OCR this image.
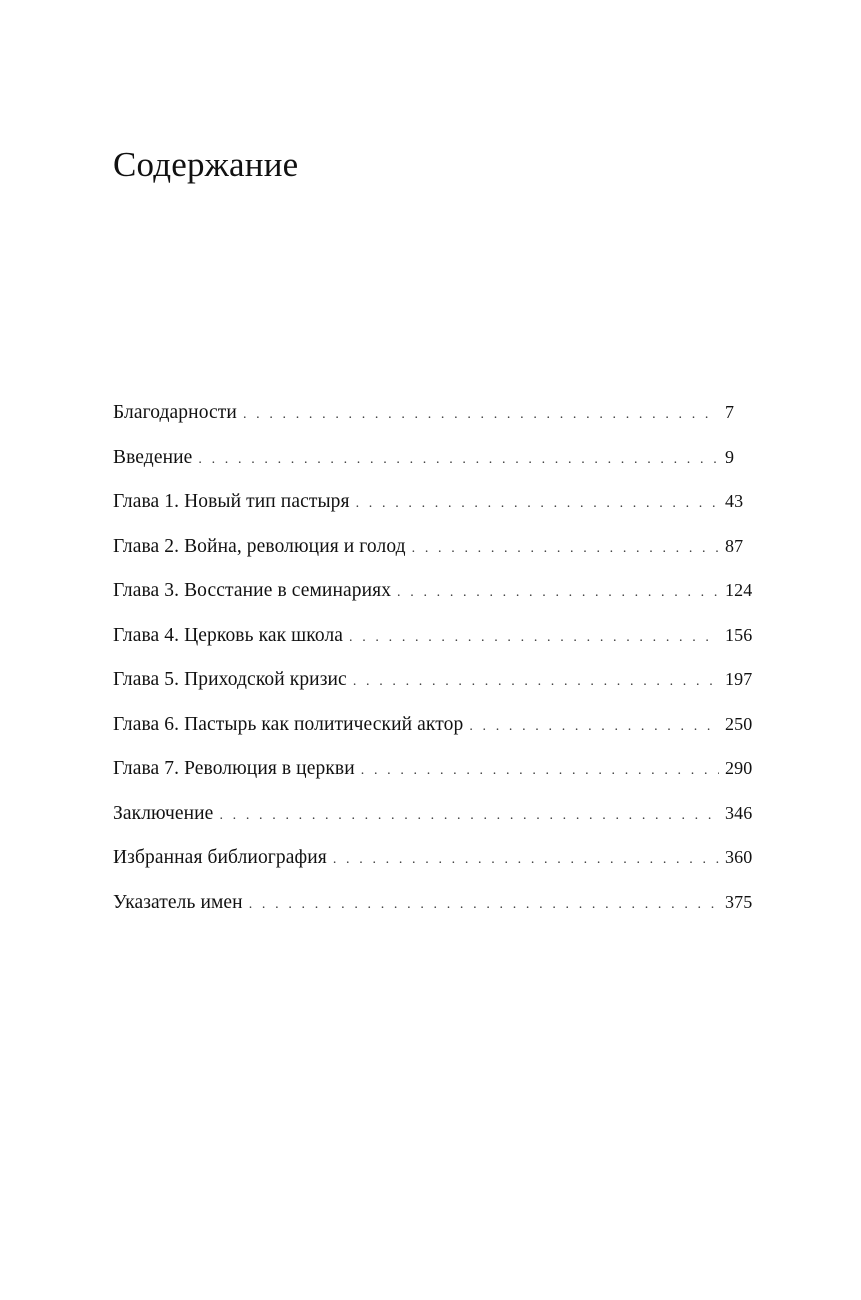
Содержание
Благодарности . . .	7
Введение . . .	9
Глава 1. Новый тип пастыря . . .	43
Глава 2. Война, революция и голод . . .	87
Глава 3. Восстание в семинариях . . .	124
Глава 4. Церковь как школа . . .	156
Глава 5. Приходской кризис . . .	197
Глава 6. Пастырь как политический актор . . .	250
Глава 7. Революция в церкви . . .	290
Заключение . . .	346
Избранная библиография . . .	360
Указатель имен . . .	375
